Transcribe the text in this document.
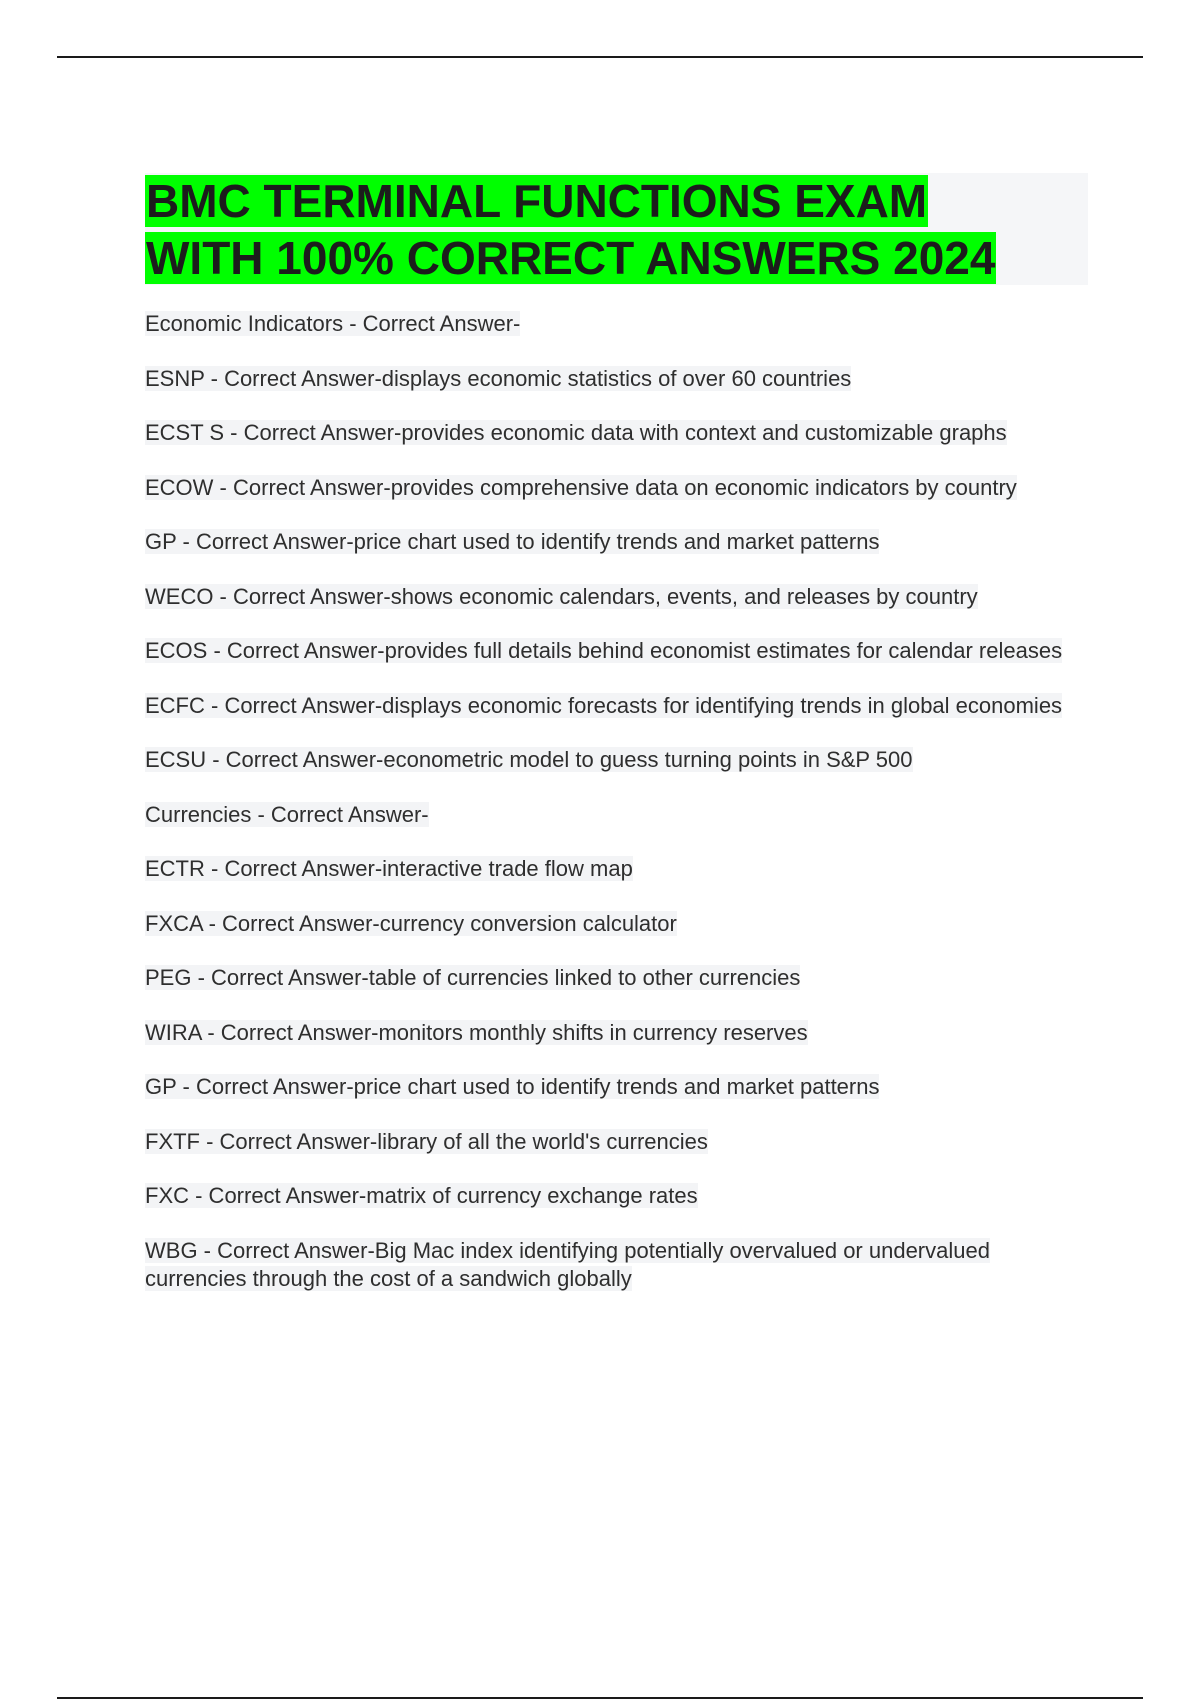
BMC TERMINAL FUNCTIONS EXAM
WITH 100% CORRECT ANSWERS 2024
Economic Indicators - Correct Answer-
ESNP - Correct Answer-displays economic statistics of over 60 countries
ECST S - Correct Answer-provides economic data with context and customizable graphs
ECOW - Correct Answer-provides comprehensive data on economic indicators by country
GP - Correct Answer-price chart used to identify trends and market patterns
WECO - Correct Answer-shows economic calendars, events, and releases by country
ECOS - Correct Answer-provides full details behind economist estimates for calendar releases
ECFC - Correct Answer-displays economic forecasts for identifying trends in global economies
ECSU - Correct Answer-econometric model to guess turning points in S&P 500
Currencies - Correct Answer-
ECTR - Correct Answer-interactive trade flow map
FXCA - Correct Answer-currency conversion calculator
PEG - Correct Answer-table of currencies linked to other currencies
WIRA - Correct Answer-monitors monthly shifts in currency reserves
GP - Correct Answer-price chart used to identify trends and market patterns
FXTF - Correct Answer-library of all the world's currencies
FXC - Correct Answer-matrix of currency exchange rates
WBG - Correct Answer-Big Mac index identifying potentially overvalued or undervalued currencies through the cost of a sandwich globally
